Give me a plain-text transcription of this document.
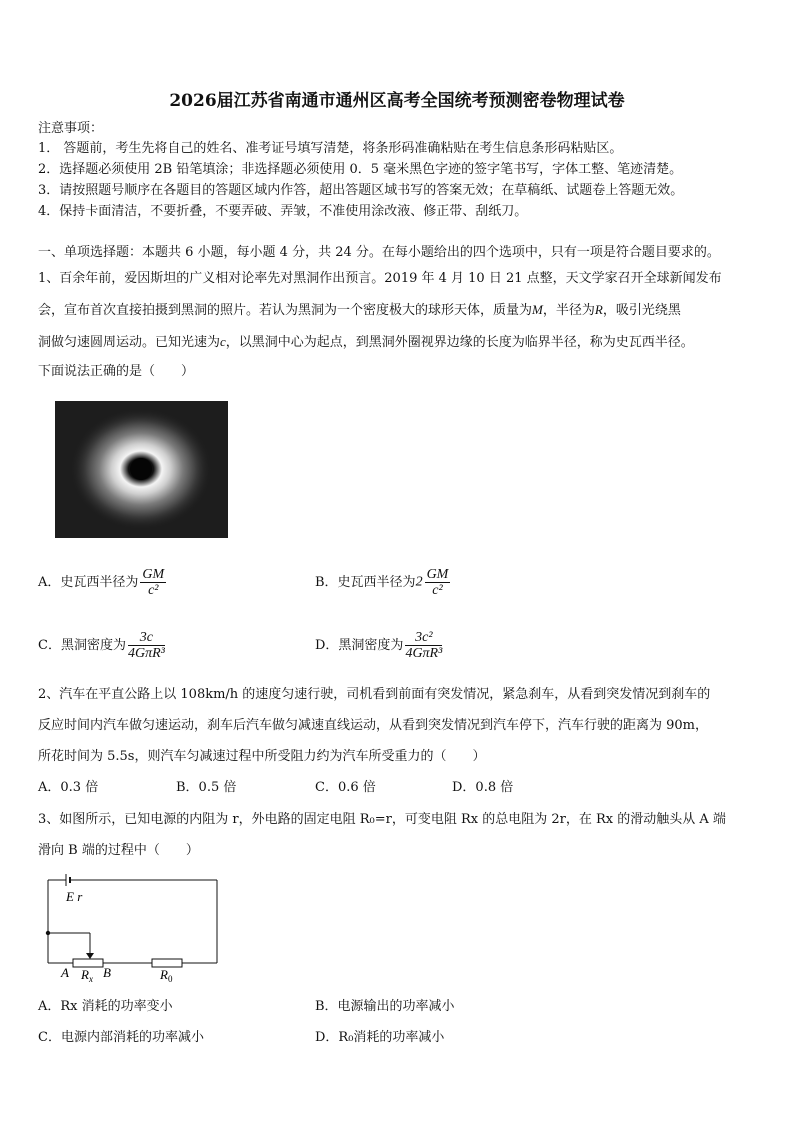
2026届江苏省南通市通州区高考全国统考预测密卷物理试卷
注意事项：
1． 答题前，考生先将自己的姓名、准考证号填写清楚，将条形码准确粘贴在考生信息条形码粘贴区。
2．选择题必须使用 2B 铅笔填涂；非选择题必须使用 0．5 毫米黑色字迹的签字笔书写，字体工整、笔迹清楚。
3．请按照题号顺序在各题目的答题区域内作答，超出答题区域书写的答案无效；在草稿纸、试题卷上答题无效。
4．保持卡面清洁，不要折叠，不要弄破、弄皱，不准使用涂改液、修正带、刮纸刀。
一、单项选择题：本题共 6 小题，每小题 4 分，共 24 分。在每小题给出的四个选项中，只有一项是符合题目要求的。
1、百余年前，爱因斯坦的广义相对论率先对黑洞作出预言。2019 年 4 月 10 日 21 点整，天文学家召开全球新闻发布
会，宣布首次直接拍摄到黑洞的照片。若认为黑洞为一个密度极大的球形天体，质量为M，半径为R，吸引光绕黑
洞做匀速圆周运动。已知光速为c，以黑洞中心为起点，到黑洞外圈视界边缘的长度为临界半径，称为史瓦西半径。
下面说法正确的是（　　）
A．史瓦西半径为 $\frac{GM}{\text{c²}}$	B．史瓦西半径为$2 \frac{GM}{\text{c²}}$
C．黑洞密度为 $\frac{3c}{\text{4GπR³}}$	D．黑洞密度为 $\frac{\text{3c²}}{\text{4GπR³}}$
2、汽车在平直公路上以 108km/h 的速度匀速行驶，司机看到前面有突发情况，紧急刹车，从看到突发情况到刹车的
反应时间内汽车做匀速运动，刹车后汽车做匀减速直线运动，从看到突发情况到汽车停下，汽车行驶的距离为 90m，
所花时间为 5.5s，则汽车匀减速过程中所受阻力约为汽车所受重力的（　　）
A．0.3 倍	B．0.5 倍	C．0.6 倍	D．0.8 倍
3、如图所示，已知电源的内阻为 r，外电路的固定电阻 R₀=r，可变电阻 Rx 的总电阻为 2r，在 Rx 的滑动触头从 A 端
滑向 B 端的过程中（　　）
E r
A	B
$R_x$	$R_0$
A．Rx 消耗的功率变小	B．电源输出的功率减小
C．电源内部消耗的功率减小	D．R₀消耗的功率减小
